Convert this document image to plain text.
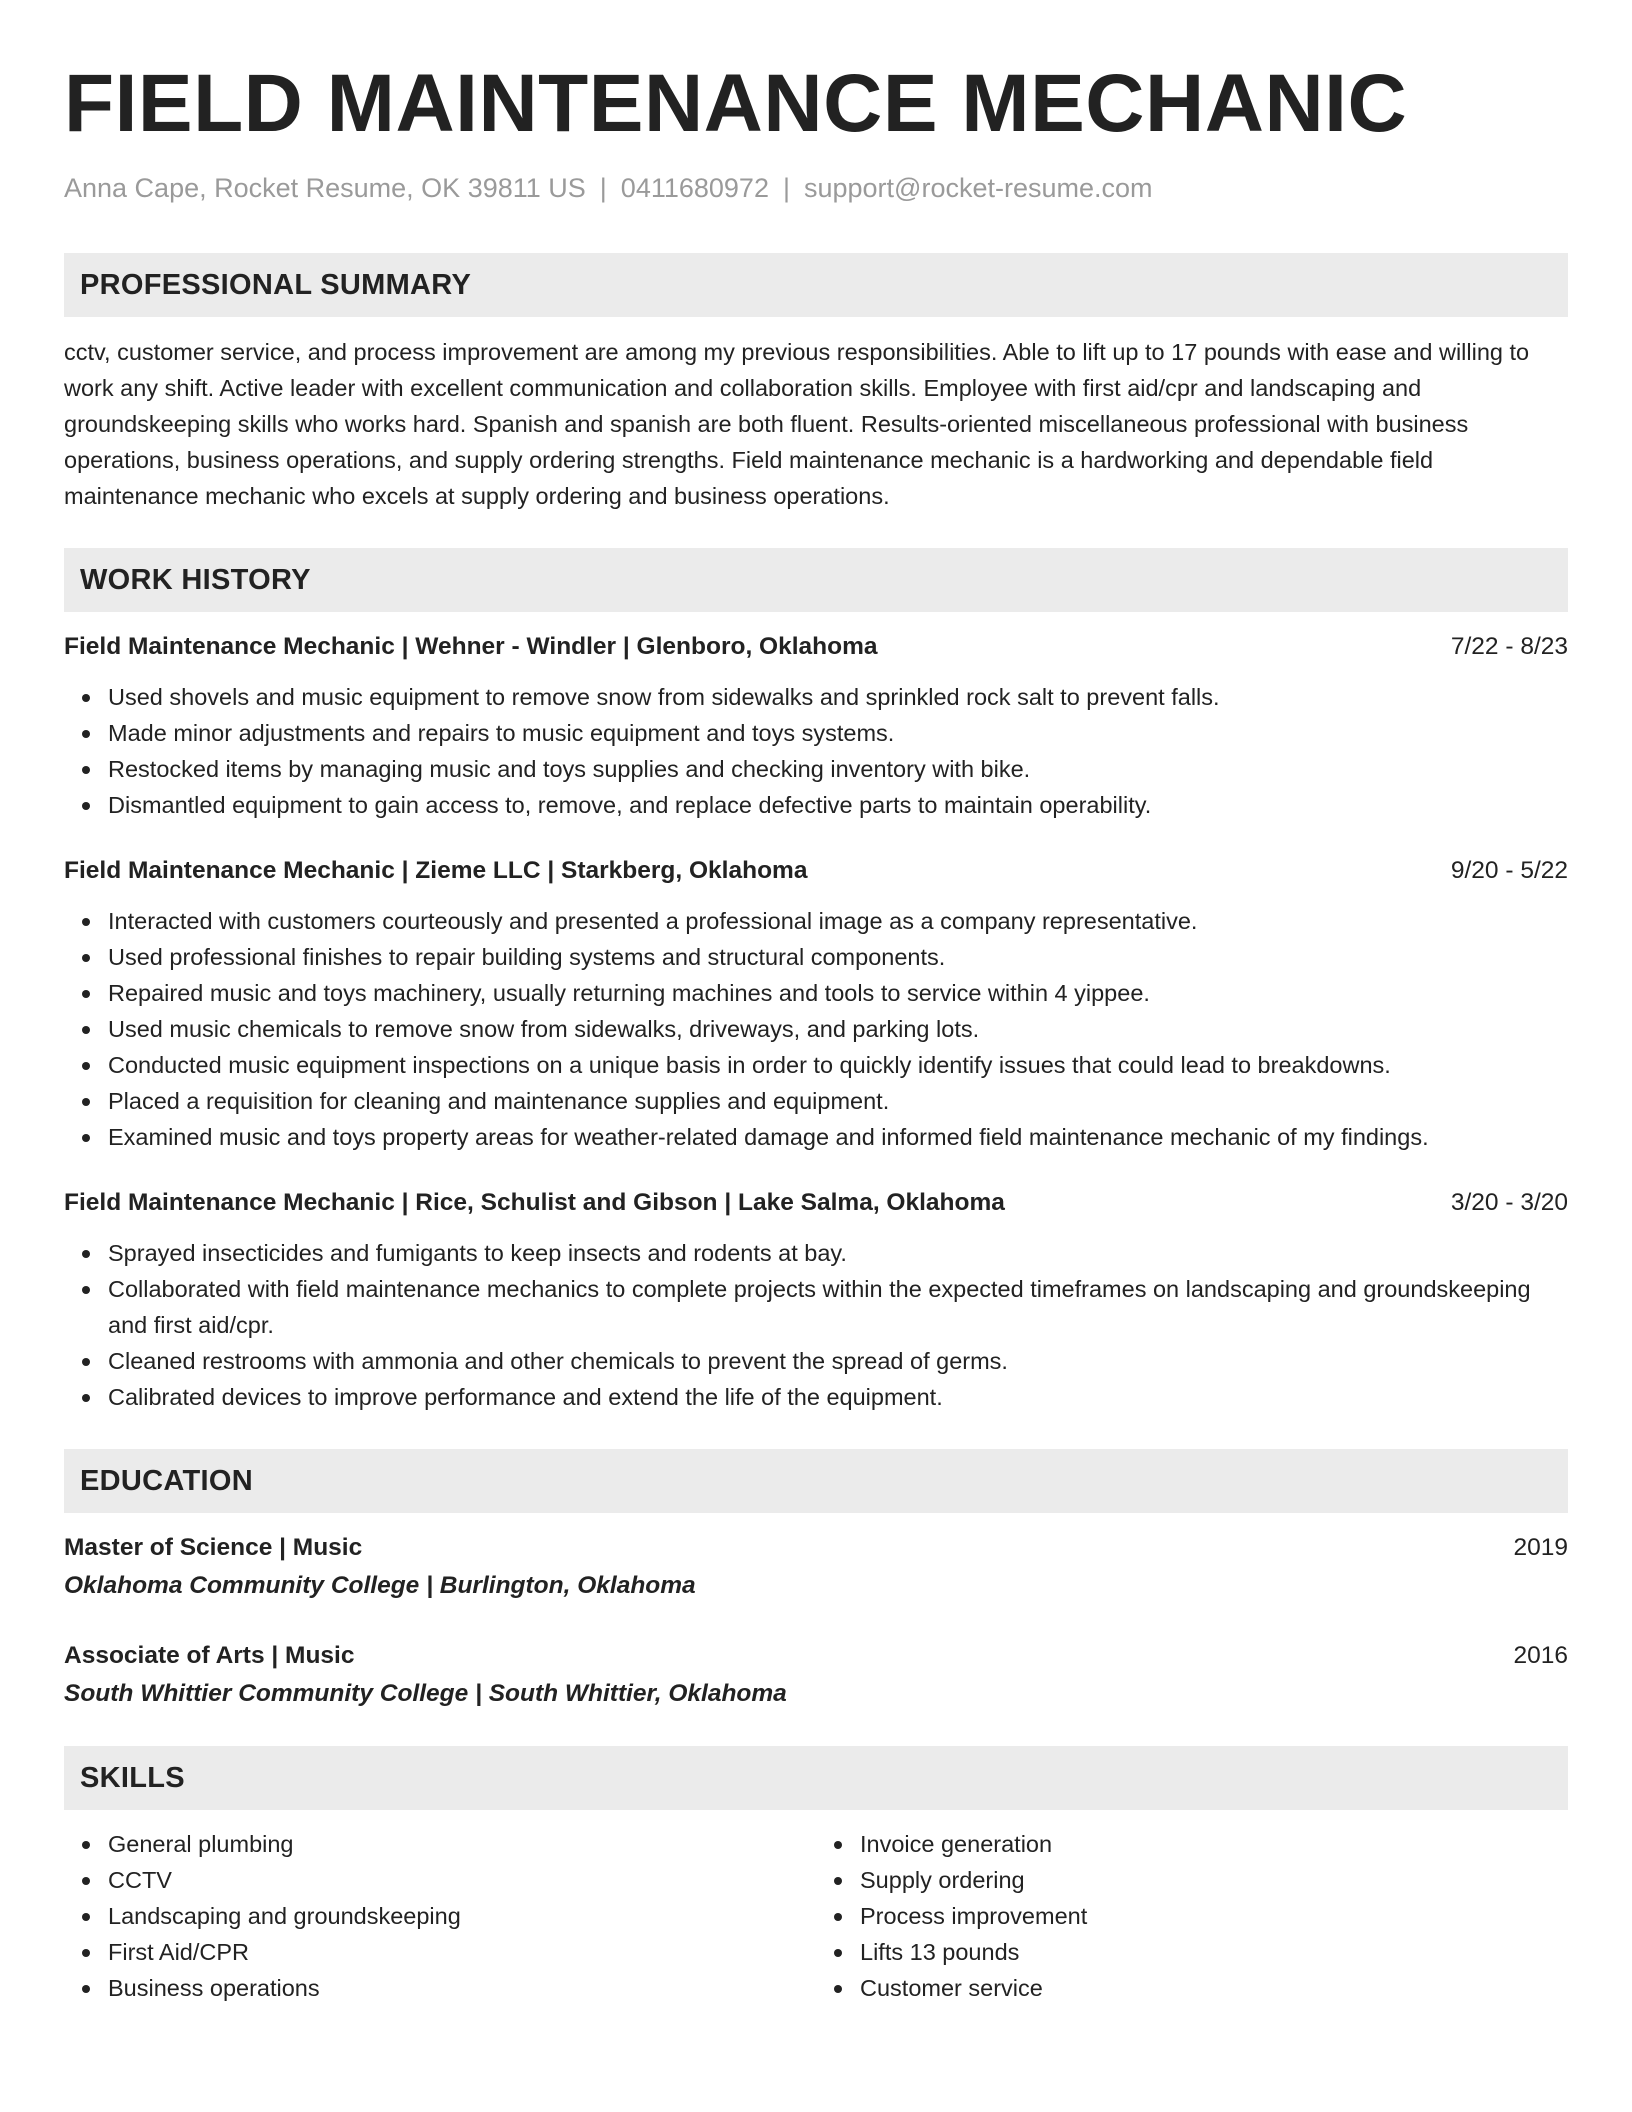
FIELD MAINTENANCE MECHANIC
Anna Cape, Rocket Resume, OK 39811 US | 0411680972 | support@rocket-resume.com
PROFESSIONAL SUMMARY

cctv, customer service, and process improvement are among my previous responsibilities. Able to lift up to 17 pounds with ease and willing to work any shift. Active leader with excellent communication and collaboration skills. Employee with first aid/cpr and landscaping and groundskeeping skills who works hard. Spanish and spanish are both fluent. Results-oriented miscellaneous professional with business operations, business operations, and supply ordering strengths. Field maintenance mechanic is a hardworking and dependable field maintenance mechanic who excels at supply ordering and business operations.

WORK HISTORY
Field Maintenance Mechanic | Wehner - Windler | Glenboro, Oklahoma	7/22 - 8/23
Used shovels and music equipment to remove snow from sidewalks and sprinkled rock salt to prevent falls.
Made minor adjustments and repairs to music equipment and toys systems.
Restocked items by managing music and toys supplies and checking inventory with bike.
Dismantled equipment to gain access to, remove, and replace defective parts to maintain operability.
Field Maintenance Mechanic | Zieme LLC | Starkberg, Oklahoma	9/20 - 5/22
Interacted with customers courteously and presented a professional image as a company representative.
Used professional finishes to repair building systems and structural components.
Repaired music and toys machinery, usually returning machines and tools to service within 4 yippee.
Used music chemicals to remove snow from sidewalks, driveways, and parking lots.
Conducted music equipment inspections on a unique basis in order to quickly identify issues that could lead to breakdowns.
Placed a requisition for cleaning and maintenance supplies and equipment.
Examined music and toys property areas for weather-related damage and informed field maintenance mechanic of my findings.
Field Maintenance Mechanic | Rice, Schulist and Gibson | Lake Salma, Oklahoma	3/20 - 3/20
Sprayed insecticides and fumigants to keep insects and rodents at bay.
Collaborated with field maintenance mechanics to complete projects within the expected timeframes on landscaping and groundskeeping and first aid/cpr.
Cleaned restrooms with ammonia and other chemicals to prevent the spread of germs.
Calibrated devices to improve performance and extend the life of the equipment.
EDUCATION
Master of Science | Music	2019
Oklahoma Community College | Burlington, Oklahoma
Associate of Arts | Music	2016
South Whittier Community College | South Whittier, Oklahoma
SKILLS
General plumbing
CCTV
Landscaping and groundskeeping
First Aid/CPR
Business operations
Invoice generation
Supply ordering
Process improvement
Lifts 13 pounds
Customer service
